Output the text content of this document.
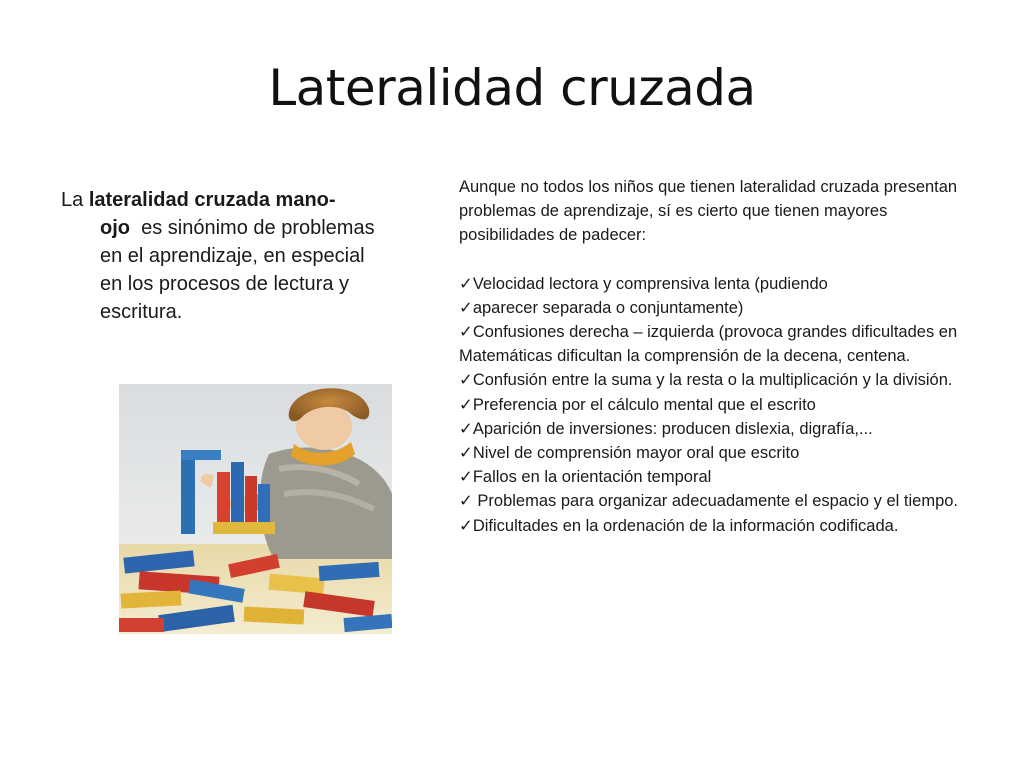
Lateralidad cruzada
La lateralidad cruzada mano-
ojo  es sinónimo de problemas
en el aprendizaje, en especial
en los procesos de lectura y
escritura.

Aunque no todos los niños que tienen lateralidad cruzada presentan problemas de aprendizaje, sí es cierto que tienen mayores posibilidades de padecer:

✓Velocidad lectora y comprensiva lenta (pudiendo
✓aparecer separada o conjuntamente)
✓Confusiones derecha – izquierda (provoca grandes dificultades en Matemáticas dificultan la comprensión de la decena, centena.
✓Confusión entre la suma y la resta o la multiplicación y la división.
✓Preferencia por el cálculo mental que el escrito
✓Aparición de inversiones: producen dislexia, digrafía,...
✓Nivel de comprensión mayor oral que escrito
✓Fallos en la orientación temporal
✓ Problemas para organizar adecuadamente el espacio y el tiempo.
✓Dificultades en la ordenación de la información codificada.
